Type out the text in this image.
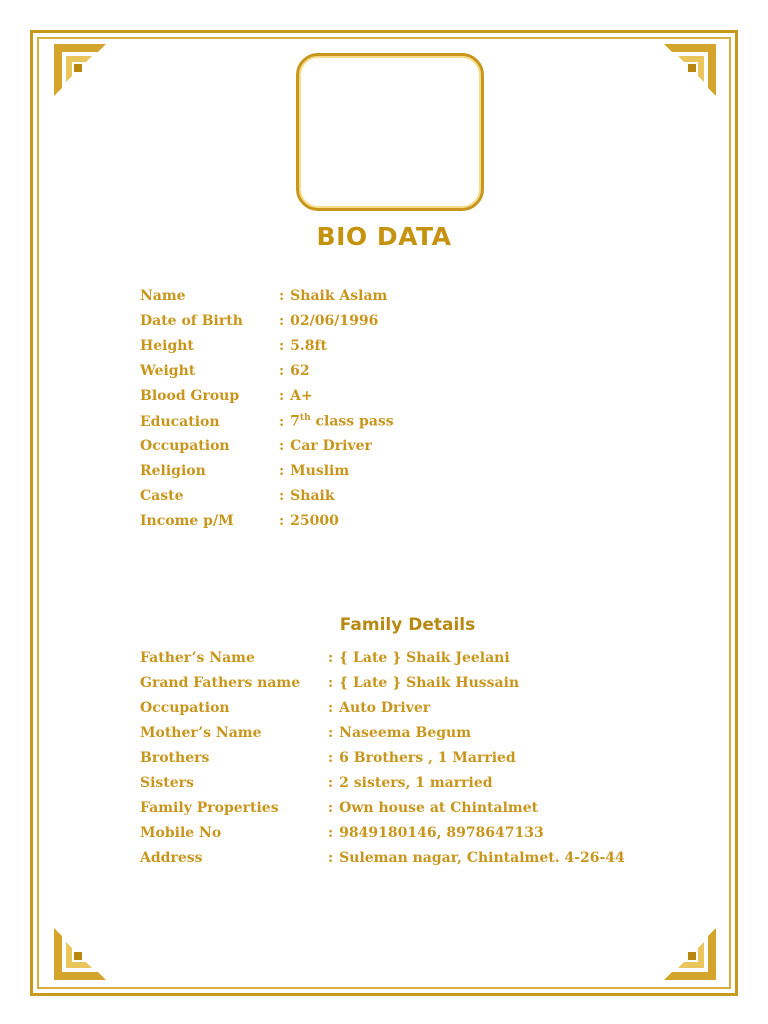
BIO DATA
Name	: Shaik Aslam
Date of Birth	: 02/06/1996
Height	: 5.8ft
Weight	: 62
Blood Group	: A+
Education	: 7th class pass
Occupation	: Car Driver
Religion	: Muslim
Caste	: Shaik
Income p/M	: 25000
Family Details
Father’s Name	: { Late } Shaik Jeelani
Grand Fathers name	: { Late } Shaik Hussain
Occupation	: Auto Driver
Mother’s Name	: Naseema Begum
Brothers	: 6 Brothers , 1 Married
Sisters	: 2 sisters, 1 married
Family Properties	: Own house at Chintalmet
Mobile No	: 9849180146, 8978647133
Address	: Suleman nagar, Chintalmet. 4-26-44
